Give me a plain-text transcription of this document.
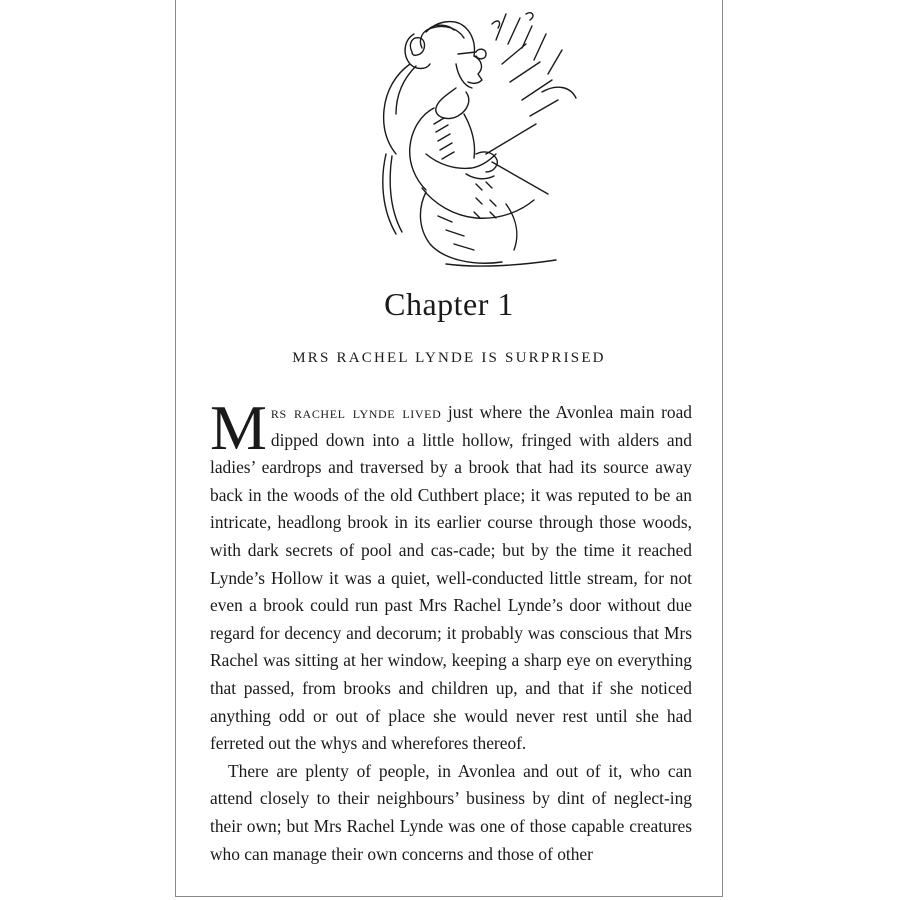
Chapter 1
MRS RACHEL LYNDE IS SURPRISED

Mrs rachel lynde lived just where the Avonlea main road dipped down into a little hollow, fringed with alders and ladies’ eardrops and traversed by a brook that had its source away back in the woods of the old Cuthbert place; it was reputed to be an intricate, headlong brook in its earlier course through those woods, with dark secrets of pool and cas-cade; but by the time it reached Lynde’s Hollow it was a quiet, well-conducted little stream, for not even a brook could run past Mrs Rachel Lynde’s door without due regard for decency and decorum; it probably was conscious that Mrs Rachel was sitting at her window, keeping a sharp eye on everything that passed, from brooks and children up, and that if she noticed anything odd or out of place she would never rest until she had ferreted out the whys and wherefores thereof.

There are plenty of people, in Avonlea and out of it, who can attend closely to their neighbours’ business by dint of neglect-ing their own; but Mrs Rachel Lynde was one of those capable creatures who can manage their own concerns and those of other
